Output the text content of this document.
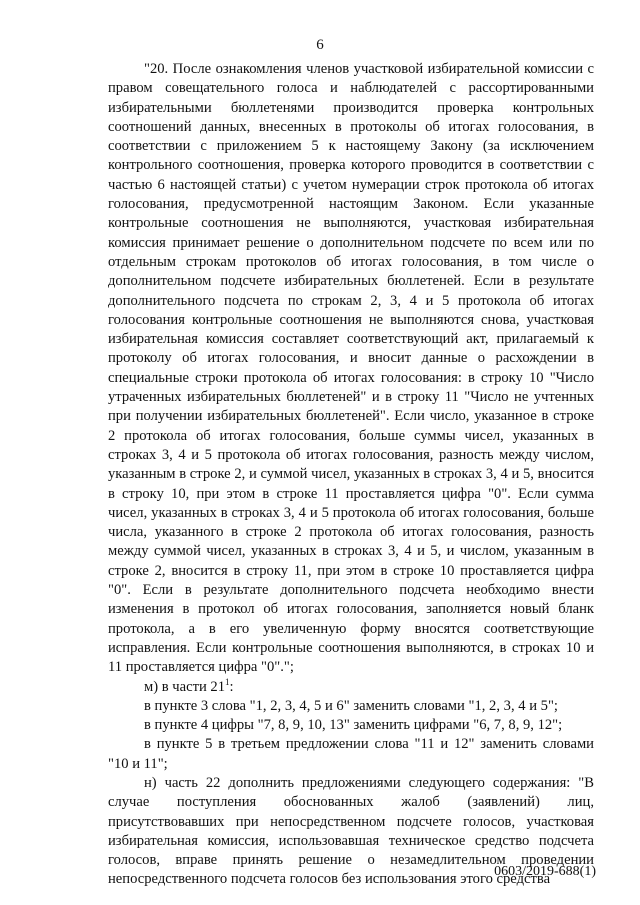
6

"20. После ознакомления членов участковой избирательной комиссии с правом совещательного голоса и наблюдателей с рассортированными избирательными бюллетенями производится проверка контрольных соотношений данных, внесенных в протоколы об итогах голосования, в соответствии с приложением 5 к настоящему Закону (за исключением контрольного соотношения, проверка которого проводится в соответствии с частью 6 настоящей статьи) с учетом нумерации строк протокола об итогах голосования, предусмотренной настоящим Законом. Если указанные контрольные соотношения не выполняются, участковая избирательная комиссия принимает решение о дополнительном подсчете по всем или по отдельным строкам протоколов об итогах голосования, в том числе о дополнительном подсчете избирательных бюллетеней. Если в результате дополнительного подсчета по строкам 2, 3, 4 и 5 протокола об итогах голосования контрольные соотношения не выполняются снова, участковая избирательная комиссия составляет соответствующий акт, прилагаемый к протоколу об итогах голосования, и вносит данные о расхождении в специальные строки протокола об итогах голосования: в строку 10 "Число утраченных избирательных бюллетеней" и в строку 11 "Число не учтенных при получении избирательных бюллетеней". Если число, указанное в строке 2 протокола об итогах голосования, больше суммы чисел, указанных в строках 3, 4 и 5 протокола об итогах голосования, разность между числом, указанным в строке 2, и суммой чисел, указанных в строках 3, 4 и 5, вносится в строку 10, при этом в строке 11 проставляется цифра "0". Если сумма чисел, указанных в строках 3, 4 и 5 протокола об итогах голосования, больше числа, указанного в строке 2 протокола об итогах голосования, разность между суммой чисел, указанных в строках 3, 4 и 5, и числом, указанным в строке 2, вносится в строку 11, при этом в строке 10 проставляется цифра "0". Если в результате дополнительного подсчета необходимо внести изменения в протокол об итогах голосования, заполняется новый бланк протокола, а в его увеличенную форму вносятся соответствующие исправления. Если контрольные соотношения выполняются, в строках 10 и 11 проставляется цифра "0".";

м) в части $21^1$:

в пункте 3 слова "1, 2, 3, 4, 5 и 6" заменить словами "1, 2, 3, 4 и 5";

в пункте 4 цифры "7, 8, 9, 10, 13" заменить цифрами "6, 7, 8, 9, 12";

в пункте 5 в третьем предложении слова "11 и 12" заменить словами "10 и 11";

н) часть 22 дополнить предложениями следующего содержания: "В случае поступления обоснованных жалоб (заявлений) лиц, присутствовавших при непосредственном подсчете голосов, участковая избирательная комиссия, использовавшая техническое средство подсчета голосов, вправе принять решение о незамедлительном проведении непосредственного подсчета голосов без использования этого средства

0603/2019-688(1)
